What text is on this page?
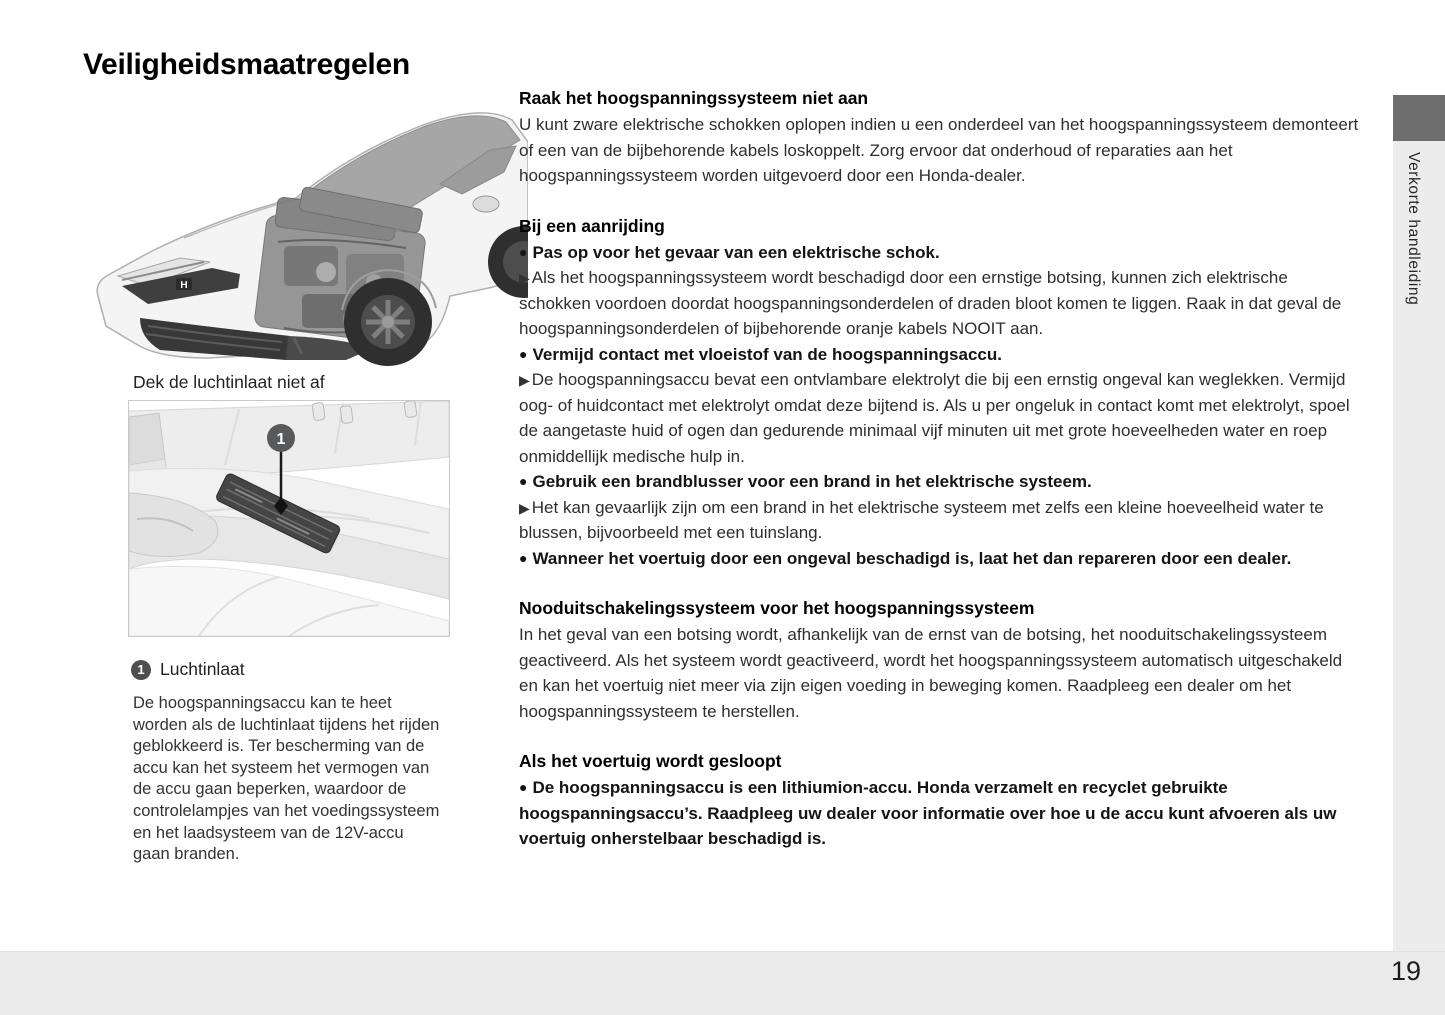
Veiligheidsmaatregelen
H
Dek de luchtinlaat niet af
1
1 Luchtinlaat
De hoogspanningsaccu kan te heet worden als de luchtinlaat tijdens het rijden geblokkeerd is. Ter bescherming van de accu kan het systeem het vermogen van de accu gaan beperken, waardoor de controlelampjes van het voedingssysteem en het laadsysteem van de 12V-accu gaan branden.
Raak het hoogspanningssysteem niet aan

U kunt zware elektrische schokken oplopen indien u een onderdeel van het hoogspanningssysteem demonteert of een van de bijbehorende kabels loskoppelt. Zorg ervoor dat onderhoud of reparaties aan het hoogspanningssysteem worden uitgevoerd door een Honda-dealer.

Bij een aanrijding

● Pas op voor het gevaar van een elektrische schok.

▶ Als het hoogspanningssysteem wordt beschadigd door een ernstige botsing, kunnen zich elektrische schokken voordoen doordat hoogspanningsonderdelen of draden bloot komen te liggen. Raak in dat geval de hoogspanningsonderdelen of bijbehorende oranje kabels NOOIT aan.

● Vermijd contact met vloeistof van de hoogspanningsaccu.

▶ De hoogspanningsaccu bevat een ontvlambare elektrolyt die bij een ernstig ongeval kan weglekken. Vermijd oog- of huidcontact met elektrolyt omdat deze bijtend is. Als u per ongeluk in contact komt met elektrolyt, spoel de aangetaste huid of ogen dan gedurende minimaal vijf minuten uit met grote hoeveelheden water en roep onmiddellijk medische hulp in.

● Gebruik een brandblusser voor een brand in het elektrische systeem.

▶ Het kan gevaarlijk zijn om een brand in het elektrische systeem met zelfs een kleine hoeveelheid water te blussen, bijvoorbeeld met een tuinslang.

● Wanneer het voertuig door een ongeval beschadigd is, laat het dan repareren door een dealer.

Nooduitschakelingssysteem voor het hoogspanningssysteem

In het geval van een botsing wordt, afhankelijk van de ernst van de botsing, het nooduitschakelingssysteem geactiveerd. Als het systeem wordt geactiveerd, wordt het hoogspanningssysteem automatisch uitgeschakeld en kan het voertuig niet meer via zijn eigen voeding in beweging komen. Raadpleeg een dealer om het hoogspanningssysteem te herstellen.

Als het voertuig wordt gesloopt

● De hoogspanningsaccu is een lithiumion-accu. Honda verzamelt en recyclet gebruikte hoogspanningsaccu’s. Raadpleeg uw dealer voor informatie over hoe u de accu kunt afvoeren als uw voertuig onherstelbaar beschadigd is.

Verkorte handleiding
19
